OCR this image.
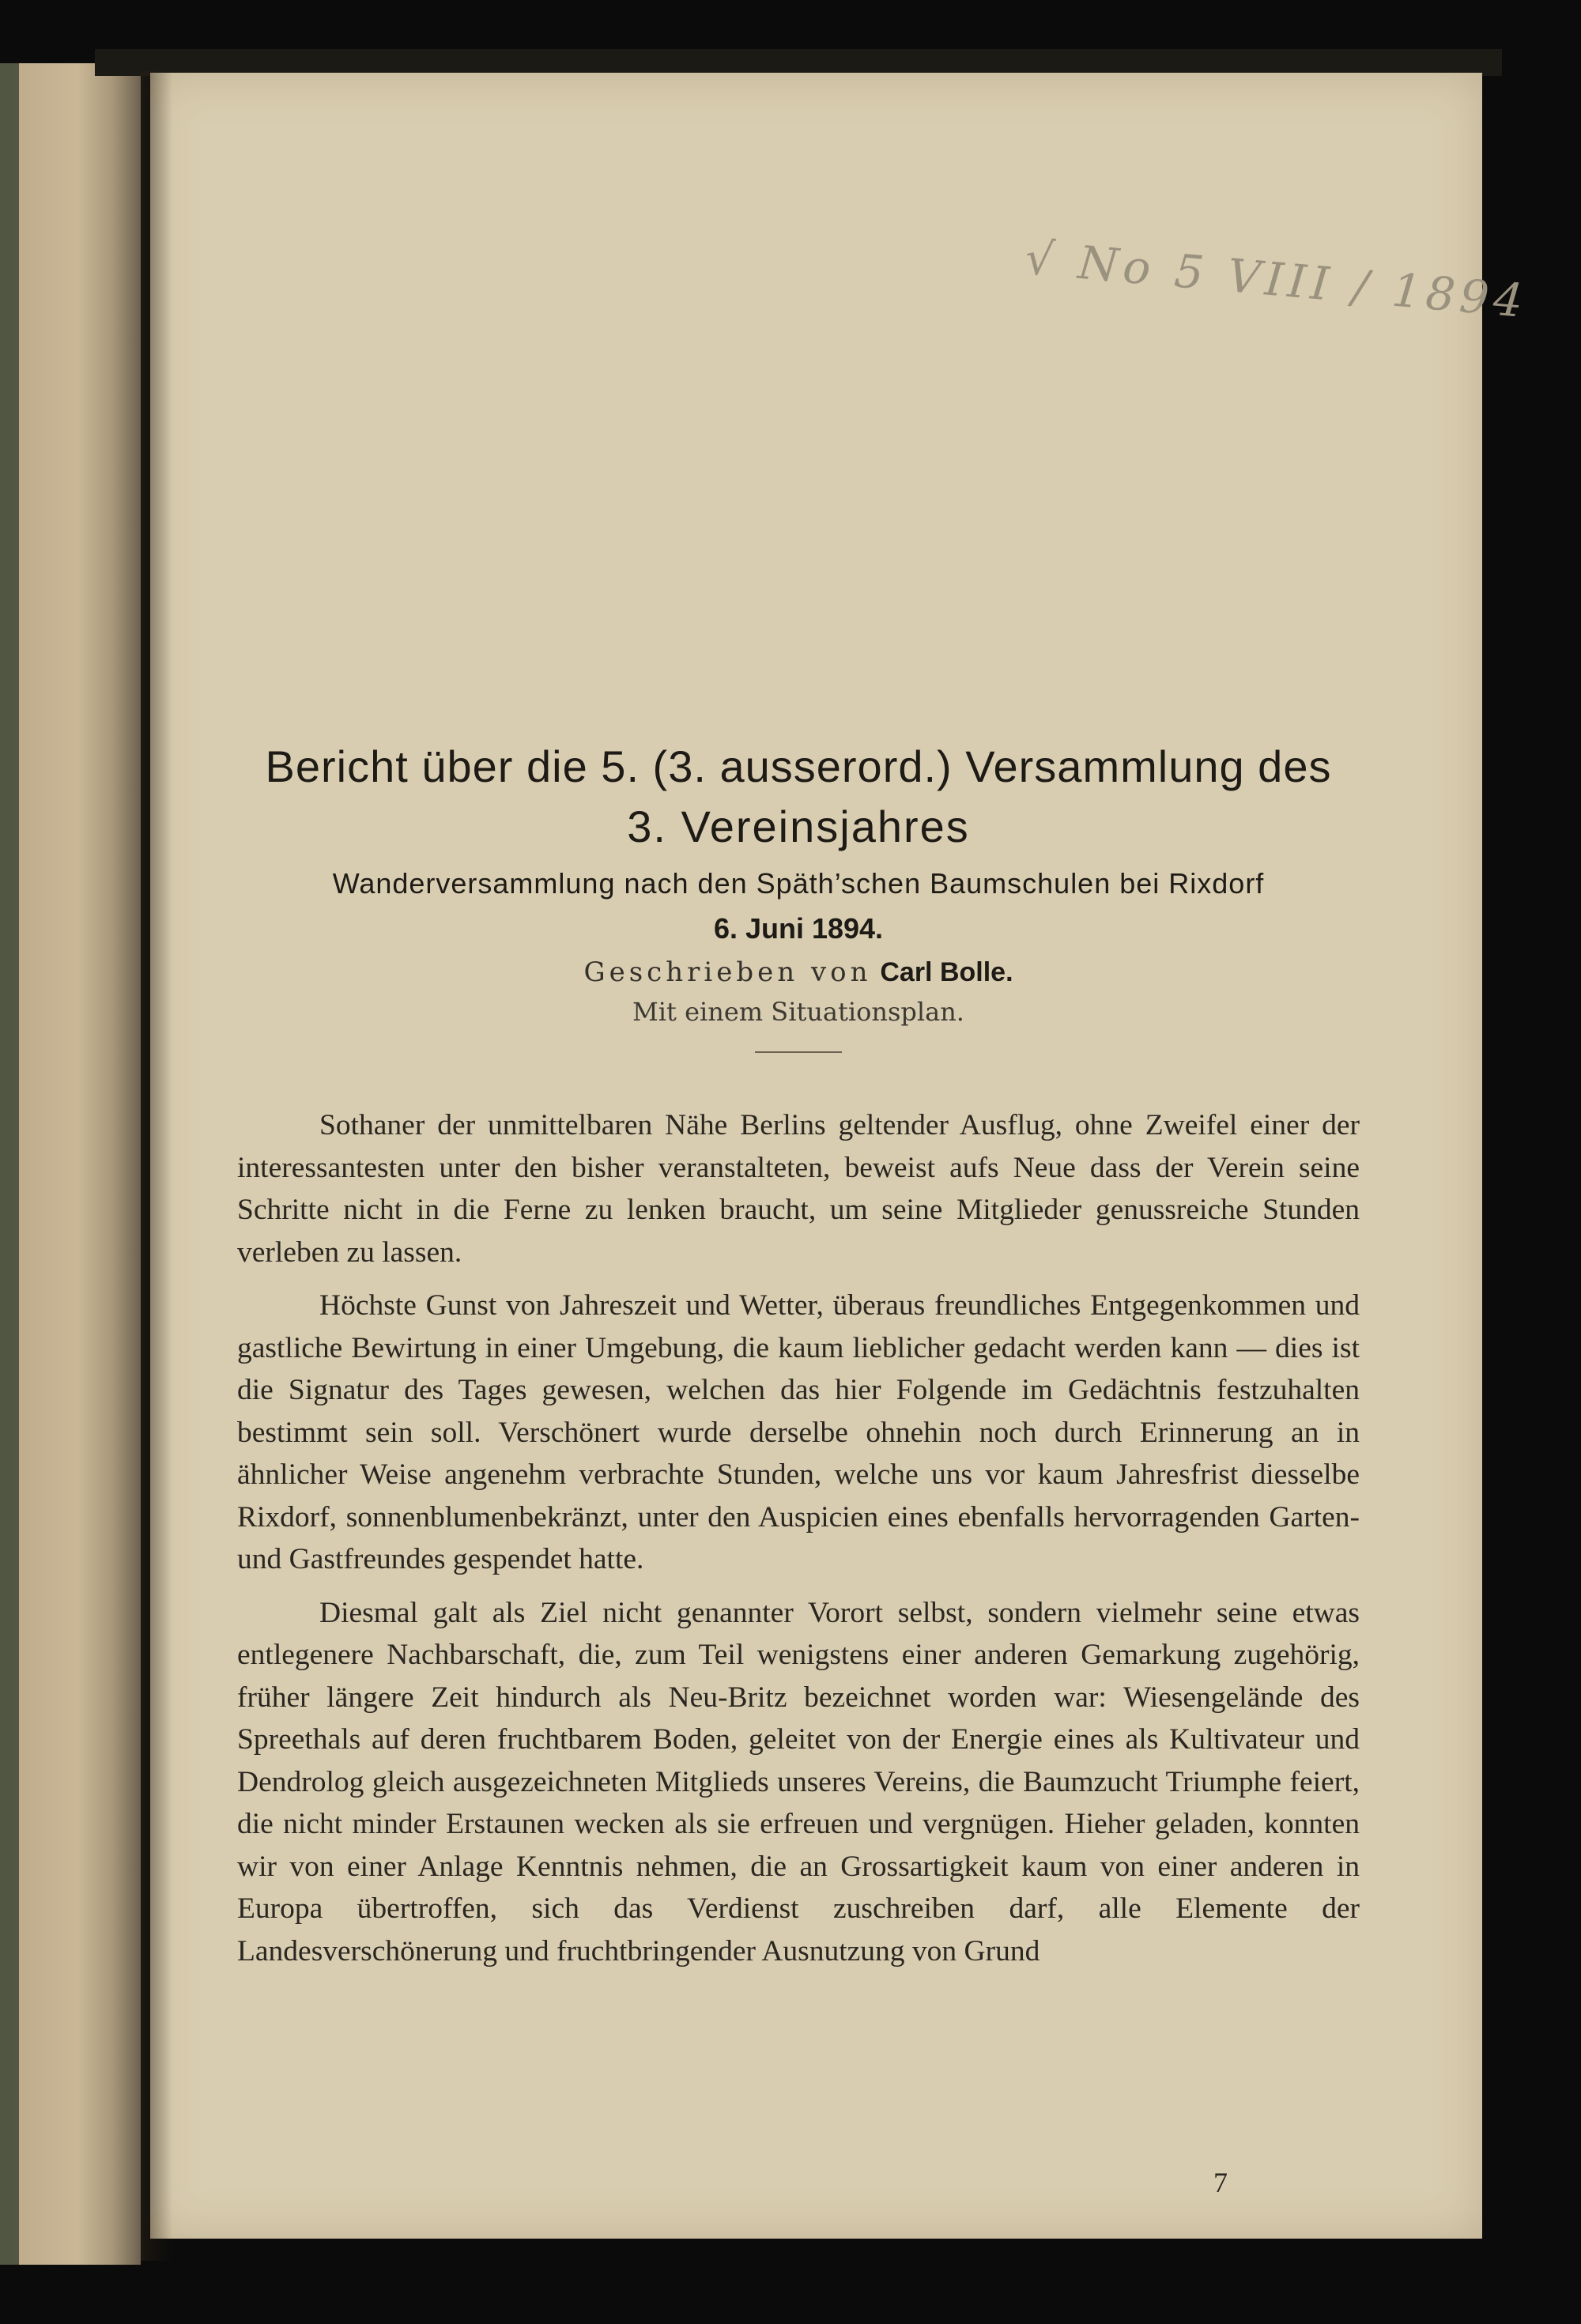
√ No 5 VIII / 1894
Bericht über die 5. (3. ausserord.) Versammlung des
3. Vereinsjahres
Wanderversammlung nach den Späth’schen Baumschulen bei Rixdorf
6. Juni 1894.
Geschrieben von Carl Bolle.
Mit einem Situationsplan.

Sothaner der unmittelbaren Nähe Berlins geltender Ausflug, ohne Zweifel einer der interessantesten unter den bisher veranstalteten, beweist aufs Neue dass der Verein seine Schritte nicht in die Ferne zu lenken braucht, um seine Mitglieder genussreiche Stunden verleben zu lassen.

Höchste Gunst von Jahreszeit und Wetter, überaus freundliches Entgegenkommen und gastliche Bewirtung in einer Umgebung, die kaum lieblicher gedacht werden kann — dies ist die Signatur des Tages gewesen, welchen das hier Folgende im Gedächtnis festzuhalten bestimmt sein soll. Verschönert wurde derselbe ohnehin noch durch Erinnerung an in ähnlicher Weise angenehm verbrachte Stunden, welche uns vor kaum Jahresfrist diesselbe Rixdorf, sonnenblumenbekränzt, unter den Auspicien eines ebenfalls hervorragenden Garten- und Gastfreundes gespendet hatte.

Diesmal galt als Ziel nicht genannter Vorort selbst, sondern vielmehr seine etwas entlegenere Nachbarschaft, die, zum Teil wenigstens einer anderen Gemarkung zugehörig, früher längere Zeit hindurch als Neu-Britz bezeichnet worden war: Wiesengelände des Spreethals auf deren fruchtbarem Boden, geleitet von der Energie eines als Kultivateur und Dendrolog gleich ausgezeichneten Mitglieds unseres Vereins, die Baumzucht Triumphe feiert, die nicht minder Erstaunen wecken als sie erfreuen und vergnügen. Hieher geladen, konnten wir von einer Anlage Kenntnis nehmen, die an Grossartigkeit kaum von einer anderen in Europa übertroffen, sich das Verdienst zuschreiben darf, alle Elemente der Landesverschönerung und fruchtbringender Ausnutzung von Grund

7
